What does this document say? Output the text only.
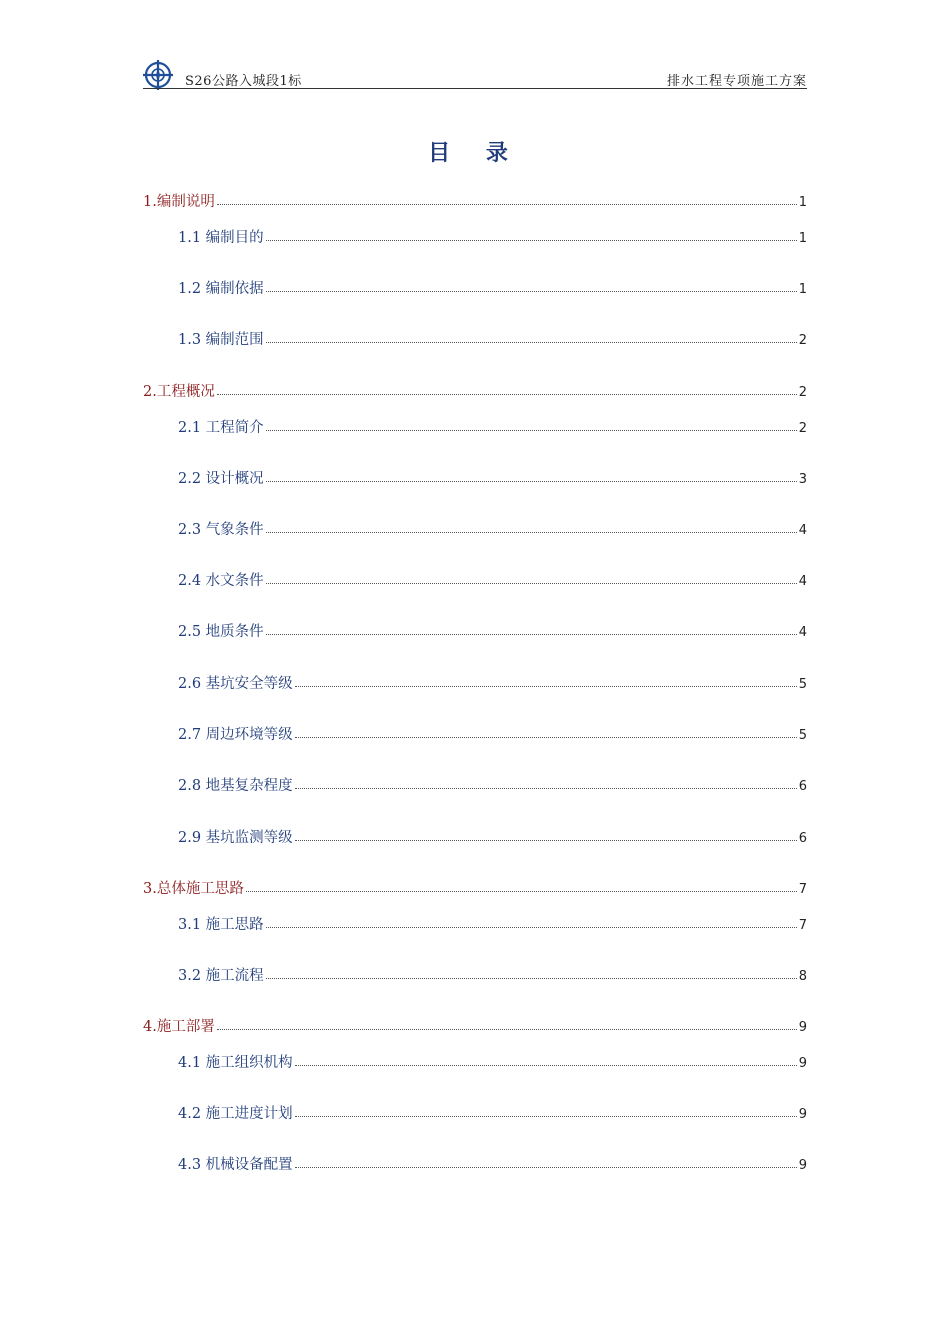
S26公路入城段1标	排水工程专项施工方案
目 录
1.编制说明	1
1.1 编制目的	1
1.2 编制依据	1
1.3 编制范围	2
2.工程概况	2
2.1 工程简介	2
2.2 设计概况	3
2.3 气象条件	4
2.4 水文条件	4
2.5 地质条件	4
2.6 基坑安全等级	5
2.7 周边环境等级	5
2.8 地基复杂程度	6
2.9 基坑监测等级	6
3.总体施工思路	7
3.1 施工思路	7
3.2 施工流程	8
4.施工部署	9
4.1 施工组织机构	9
4.2 施工进度计划	9
4.3 机械设备配置	9
